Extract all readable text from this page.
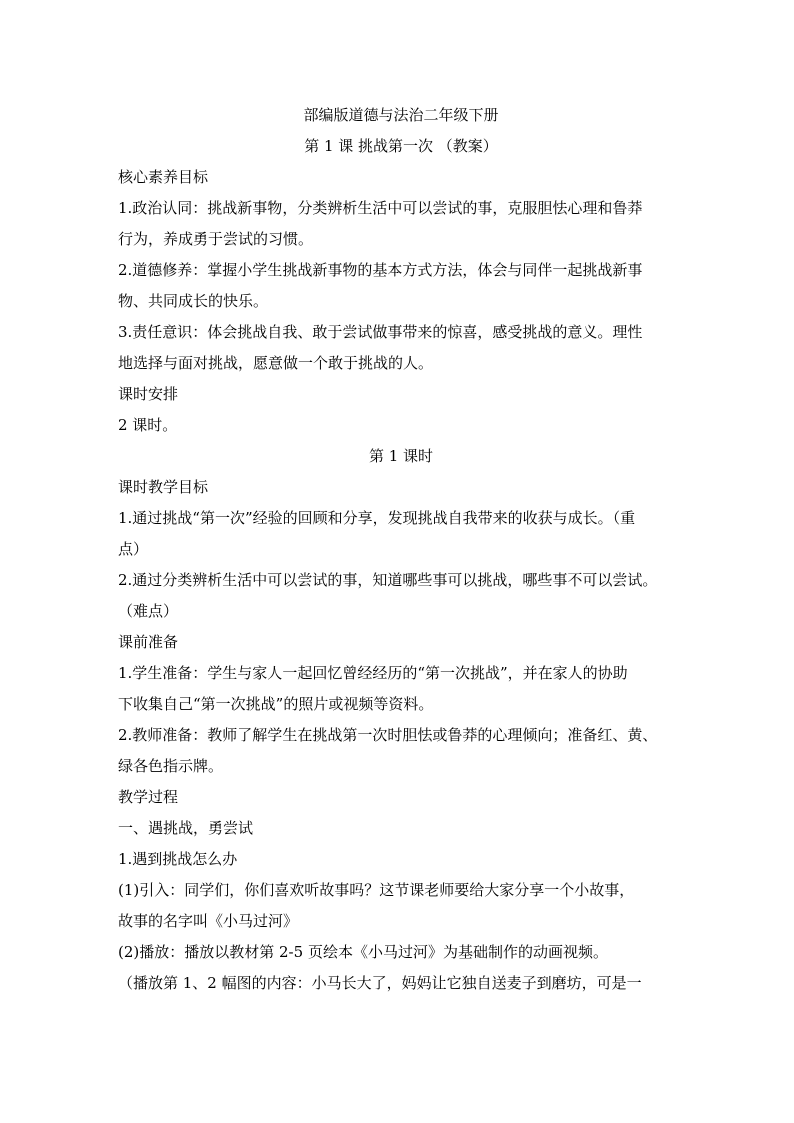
部编版道德与法治二年级下册
第 1 课 挑战第一次 （教案）
核心素养目标
1.政治认同：挑战新事物，分类辨析生活中可以尝试的事，克服胆怯心理和鲁莽
行为，养成勇于尝试的习惯。
2.道德修养：掌握小学生挑战新事物的基本方式方法，体会与同伴一起挑战新事
物、共同成长的快乐。
3.责任意识：体会挑战自我、敢于尝试做事带来的惊喜，感受挑战的意义。理性
地选择与面对挑战，愿意做一个敢于挑战的人。
课时安排
2 课时。
第 1 课时
课时教学目标
1.通过挑战“第一次”经验的回顾和分享，发现挑战自我带来的收获与成长。（重
点）
2.通过分类辨析生活中可以尝试的事，知道哪些事可以挑战，哪些事不可以尝试。
（难点）
课前准备
1.学生准备：学生与家人一起回忆曾经经历的“第一次挑战”，并在家人的协助
下收集自己“第一次挑战”的照片或视频等资料。
2.教师准备：教师了解学生在挑战第一次时胆怯或鲁莽的心理倾向；准备红、黄、
绿各色指示牌。
教学过程
一、遇挑战，勇尝试
1.遇到挑战怎么办
(1)引入：同学们，你们喜欢听故事吗？这节课老师要给大家分享一个小故事，
故事的名字叫《小马过河》
(2)播放：播放以教材第 2-5 页绘本《小马过河》为基础制作的动画视频。
（播放第 1、2 幅图的内容：小马长大了，妈妈让它独自送麦子到磨坊，可是一
